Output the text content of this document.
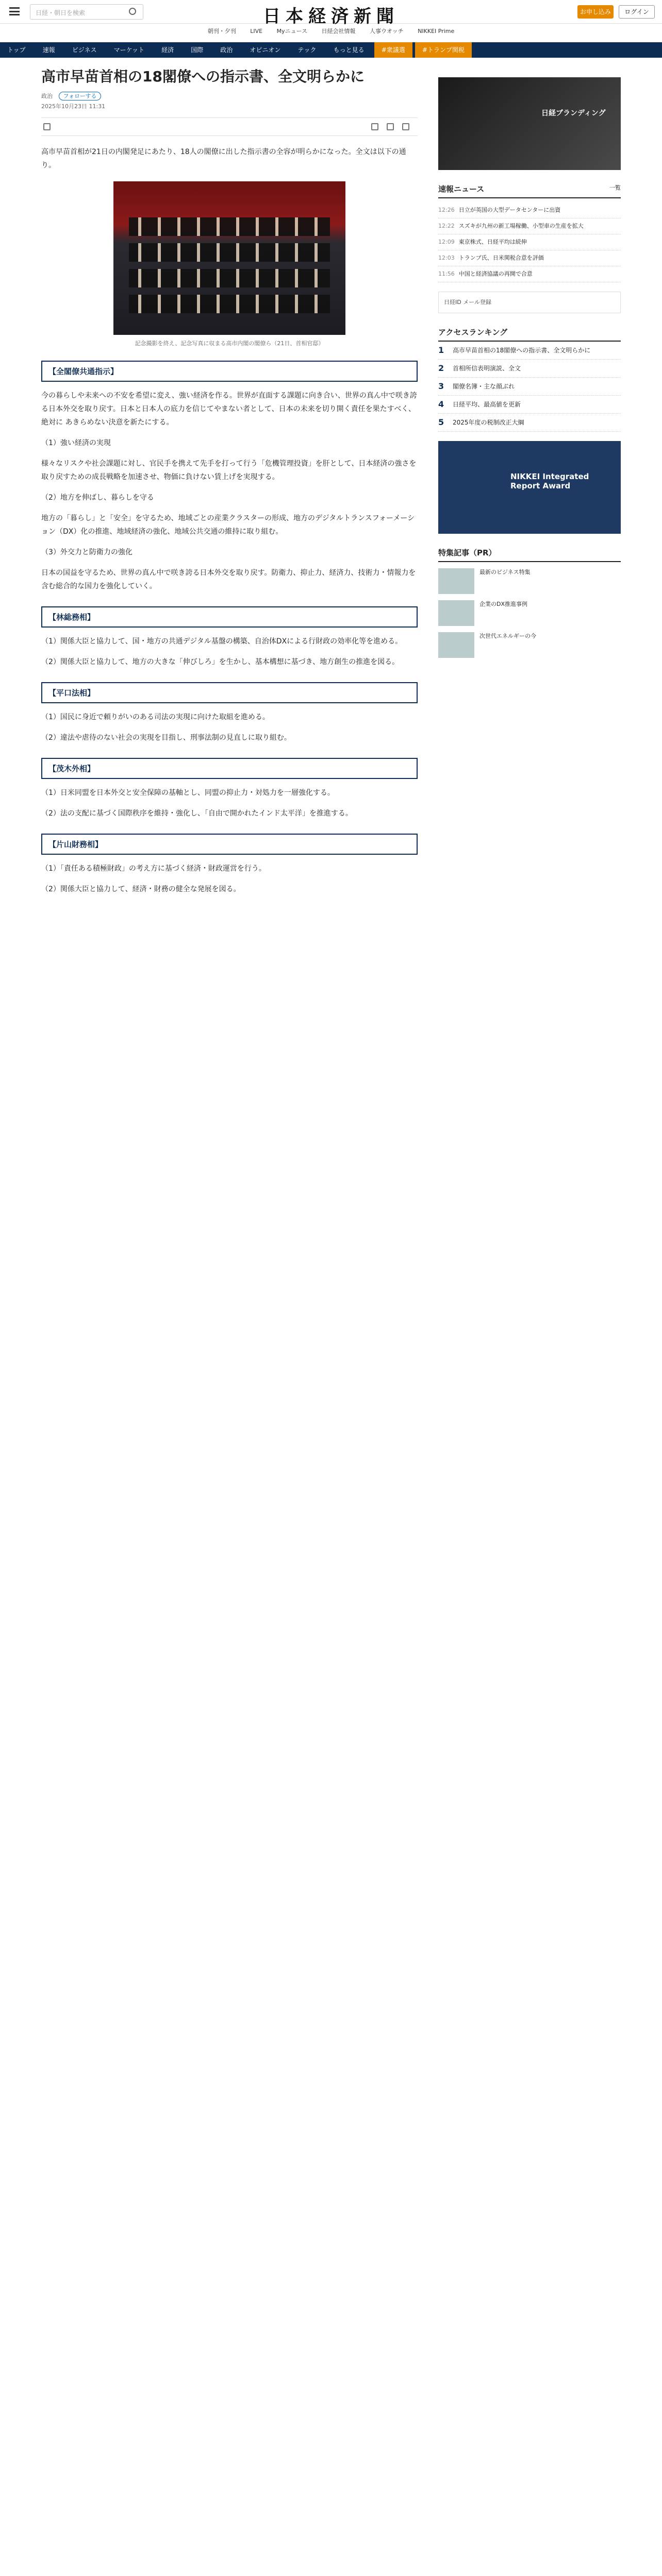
日経・朝日を検索	日本経済新聞	お申し込み	ログイン
朝刊・夕刊	LIVE	Myニュース	日経会社情報	人事ウオッチ	NIKKEI Prime
トップ	速報	ビジネス	マーケット	経済	国際	政治	オピニオン	テック	もっと見る	#衆議選	#トランプ関税
高市早苗首相の18閣僚への指示書、全文明らかに
政治 フォローする
2025年10月23日 11:31

高市早苗首相が21日の内閣発足にあたり、18人の閣僚に出した指示書の全容が明らかになった。全文は以下の通り。

記念撮影を終え、記念写真に収まる高市内閣の閣僚ら（21日、首相官邸）

【全閣僚共通指示】

今の暮らしや未来への不安を希望に変え、強い経済を作る。世界が直面する課題に向き合い、世界の真ん中で咲き誇る日本外交を取り戻す。日本と日本人の底力を信じてやまない者として、日本の未来を切り開く責任を果たすべく、絶対に あきらめない決意を新たにする。

（1）強い経済の実現

様々なリスクや社会課題に対し、官民手を携えて先手を打って行う「危機管理投資」を肝として、日本経済の強さを取り戻すための成長戦略を加速させ、物価に負けない賃上げを実現する。

（2）地方を伸ばし、暮らしを守る

地方の「暮らし」と「安全」を守るため、地域ごとの産業クラスターの形成、地方のデジタルトランスフォーメーション（DX）化の推進、地域経済の強化、地域公共交通の維持に取り組む。

（3）外交力と防衛力の強化

日本の国益を守るため、世界の真ん中で咲き誇る日本外交を取り戻す。防衛力、抑止力、経済力、技術力・情報力を含む総合的な国力を強化していく。

【林総務相】

（1）関係大臣と協力して、国・地方の共通デジタル基盤の構築、自治体DXによる行財政の効率化等を進める。

（2）関係大臣と協力して、地方の大きな「伸びしろ」を生かし、基本構想に基づき、地方創生の推進を図る。

【平口法相】

（1）国民に身近で頼りがいのある司法の実現に向けた取組を進める。

（2）違法や虐待のない社会の実現を目指し、刑事法制の見直しに取り組む。

【茂木外相】

（1）日米同盟を日本外交と安全保障の基軸とし、同盟の抑止力・対処力を一層強化する。

（2）法の支配に基づく国際秩序を維持・強化し、「自由で開かれたインド太平洋」を推進する。

【片山財務相】

（1）「責任ある積極財政」の考え方に基づく経済・財政運営を行う。

（2）関係大臣と協力して、経済・財務の健全な発展を図る。

日経ブランディング
速報ニュース	一覧
12:26 日立が英国の大型データセンターに出資
12:22 スズキが九州の新工場稼働、小型車の生産を拡大
12:09 東京株式、日経平均は続伸
12:03 トランプ氏、日米関税合意を評価
11:56 中国と経済協議の再開で合意
日経ID メール登録
アクセスランキング
1 高市早苗首相の18閣僚への指示書、全文明らかに
2 首相所信表明演説、全文
3 閣僚名簿・主な顔ぶれ
4 日経平均、最高値を更新
5 2025年度の税制改正大綱
NIKKEI Integrated Report Award
特集記事（PR）
最新のビジネス特集
企業のDX推進事例
次世代エネルギーの今
